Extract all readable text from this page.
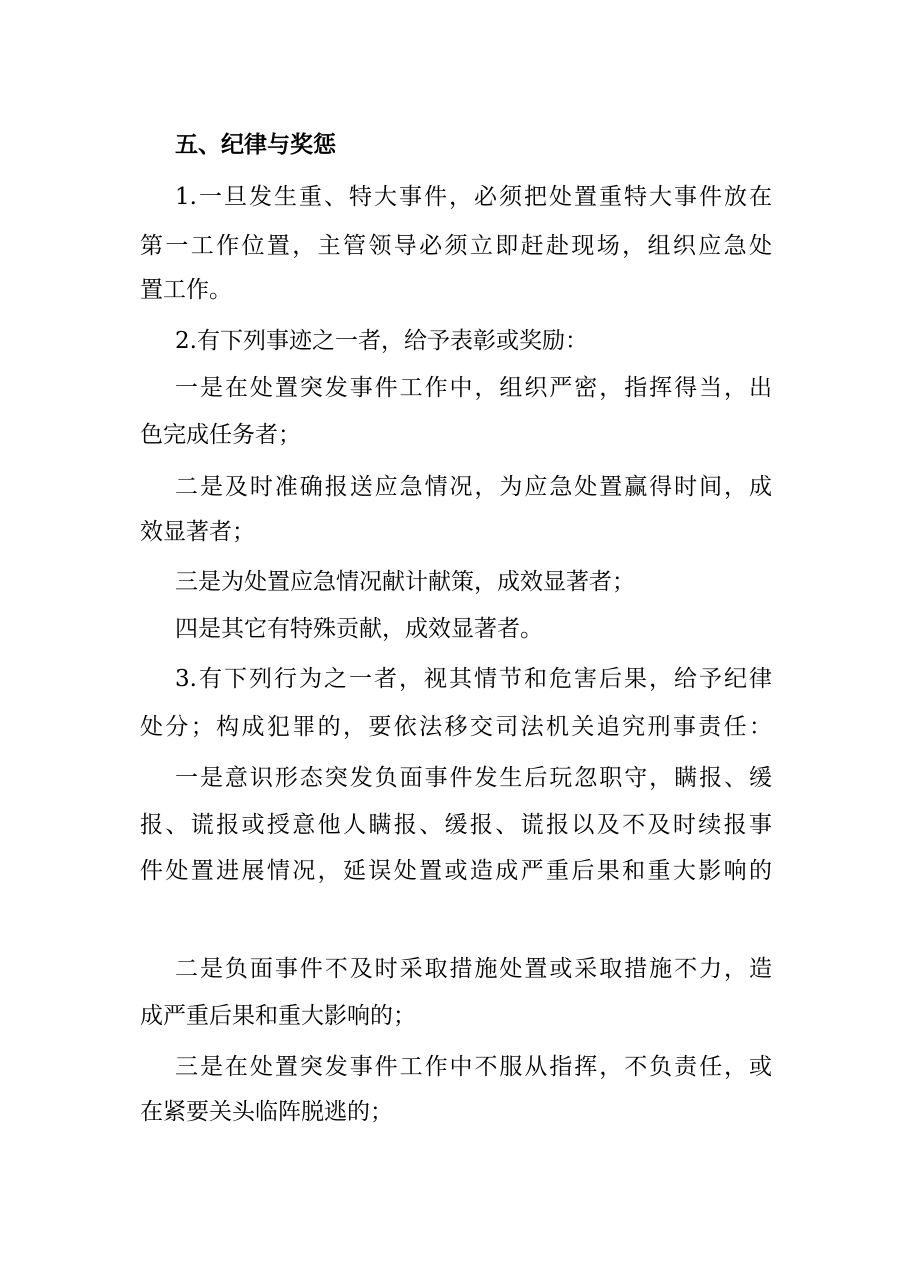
五、纪律与奖惩
1.一旦发生重、特大事件，必须把处置重特大事件放在
第一工作位置，主管领导必须立即赶赴现场，组织应急处
置工作。
2.有下列事迹之一者，给予表彰或奖励：
一是在处置突发事件工作中，组织严密，指挥得当，出
色完成任务者；
二是及时准确报送应急情况，为应急处置赢得时间，成
效显著者；
三是为处置应急情况献计献策，成效显著者；
四是其它有特殊贡献，成效显著者。
3.有下列行为之一者，视其情节和危害后果，给予纪律
处分；构成犯罪的，要依法移交司法机关追究刑事责任：
一是意识形态突发负面事件发生后玩忽职守，瞒报、缓
报、谎报或授意他人瞒报、缓报、谎报以及不及时续报事
件处置进展情况，延误处置或造成严重后果和重大影响的
二是负面事件不及时采取措施处置或采取措施不力，造
成严重后果和重大影响的；
三是在处置突发事件工作中不服从指挥，不负责任，或
在紧要关头临阵脱逃的；
